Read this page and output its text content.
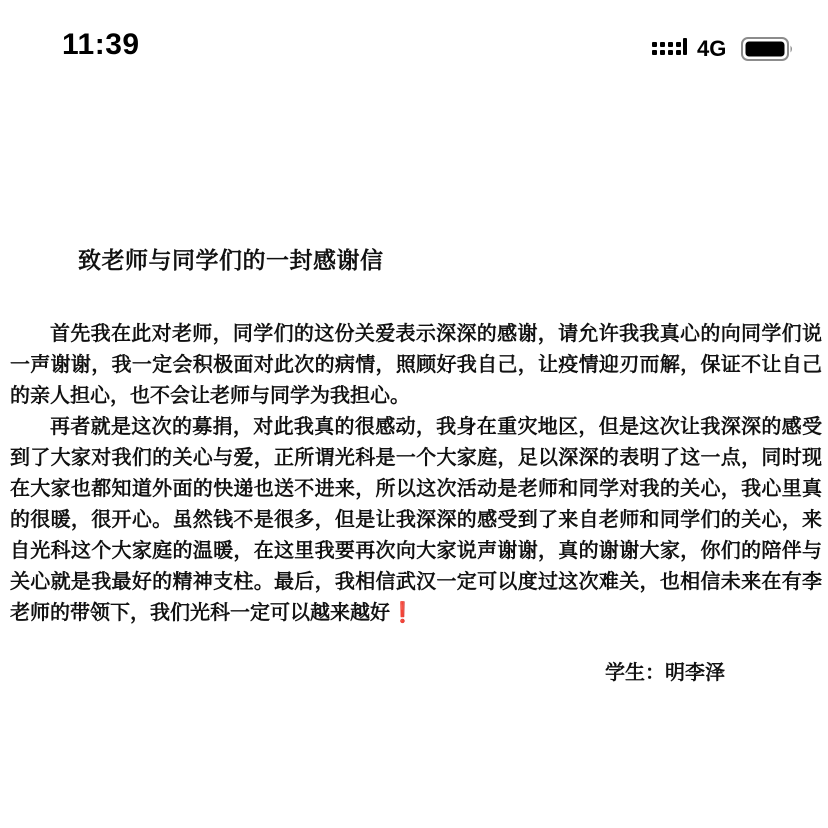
11:39	4G
致老师与同学们的一封感谢信

首先我在此对老师，同学们的这份关爱表示深深的感谢，请允许我我真心的向同学们说一声谢谢，我一定会积极面对此次的病情，照顾好我自己，让疫情迎刃而解，保证不让自己的亲人担心，也不会让老师与同学为我担心。

再者就是这次的募捐，对此我真的很感动，我身在重灾地区，但是这次让我深深的感受到了大家对我们的关心与爱，正所谓光科是一个大家庭，足以深深的表明了这一点，同时现在大家也都知道外面的快递也送不进来，所以这次活动是老师和同学对我的关心，我心里真的很暖，很开心。虽然钱不是很多，但是让我深深的感受到了来自老师和同学们的关心，来自光科这个大家庭的温暖，在这里我要再次向大家说声谢谢，真的谢谢大家，你们的陪伴与关心就是我最好的精神支柱。最后，我相信武汉一定可以度过这次难关，也相信未来在有李老师的带领下，我们光科一定可以越来越好❗

学生：明李泽
